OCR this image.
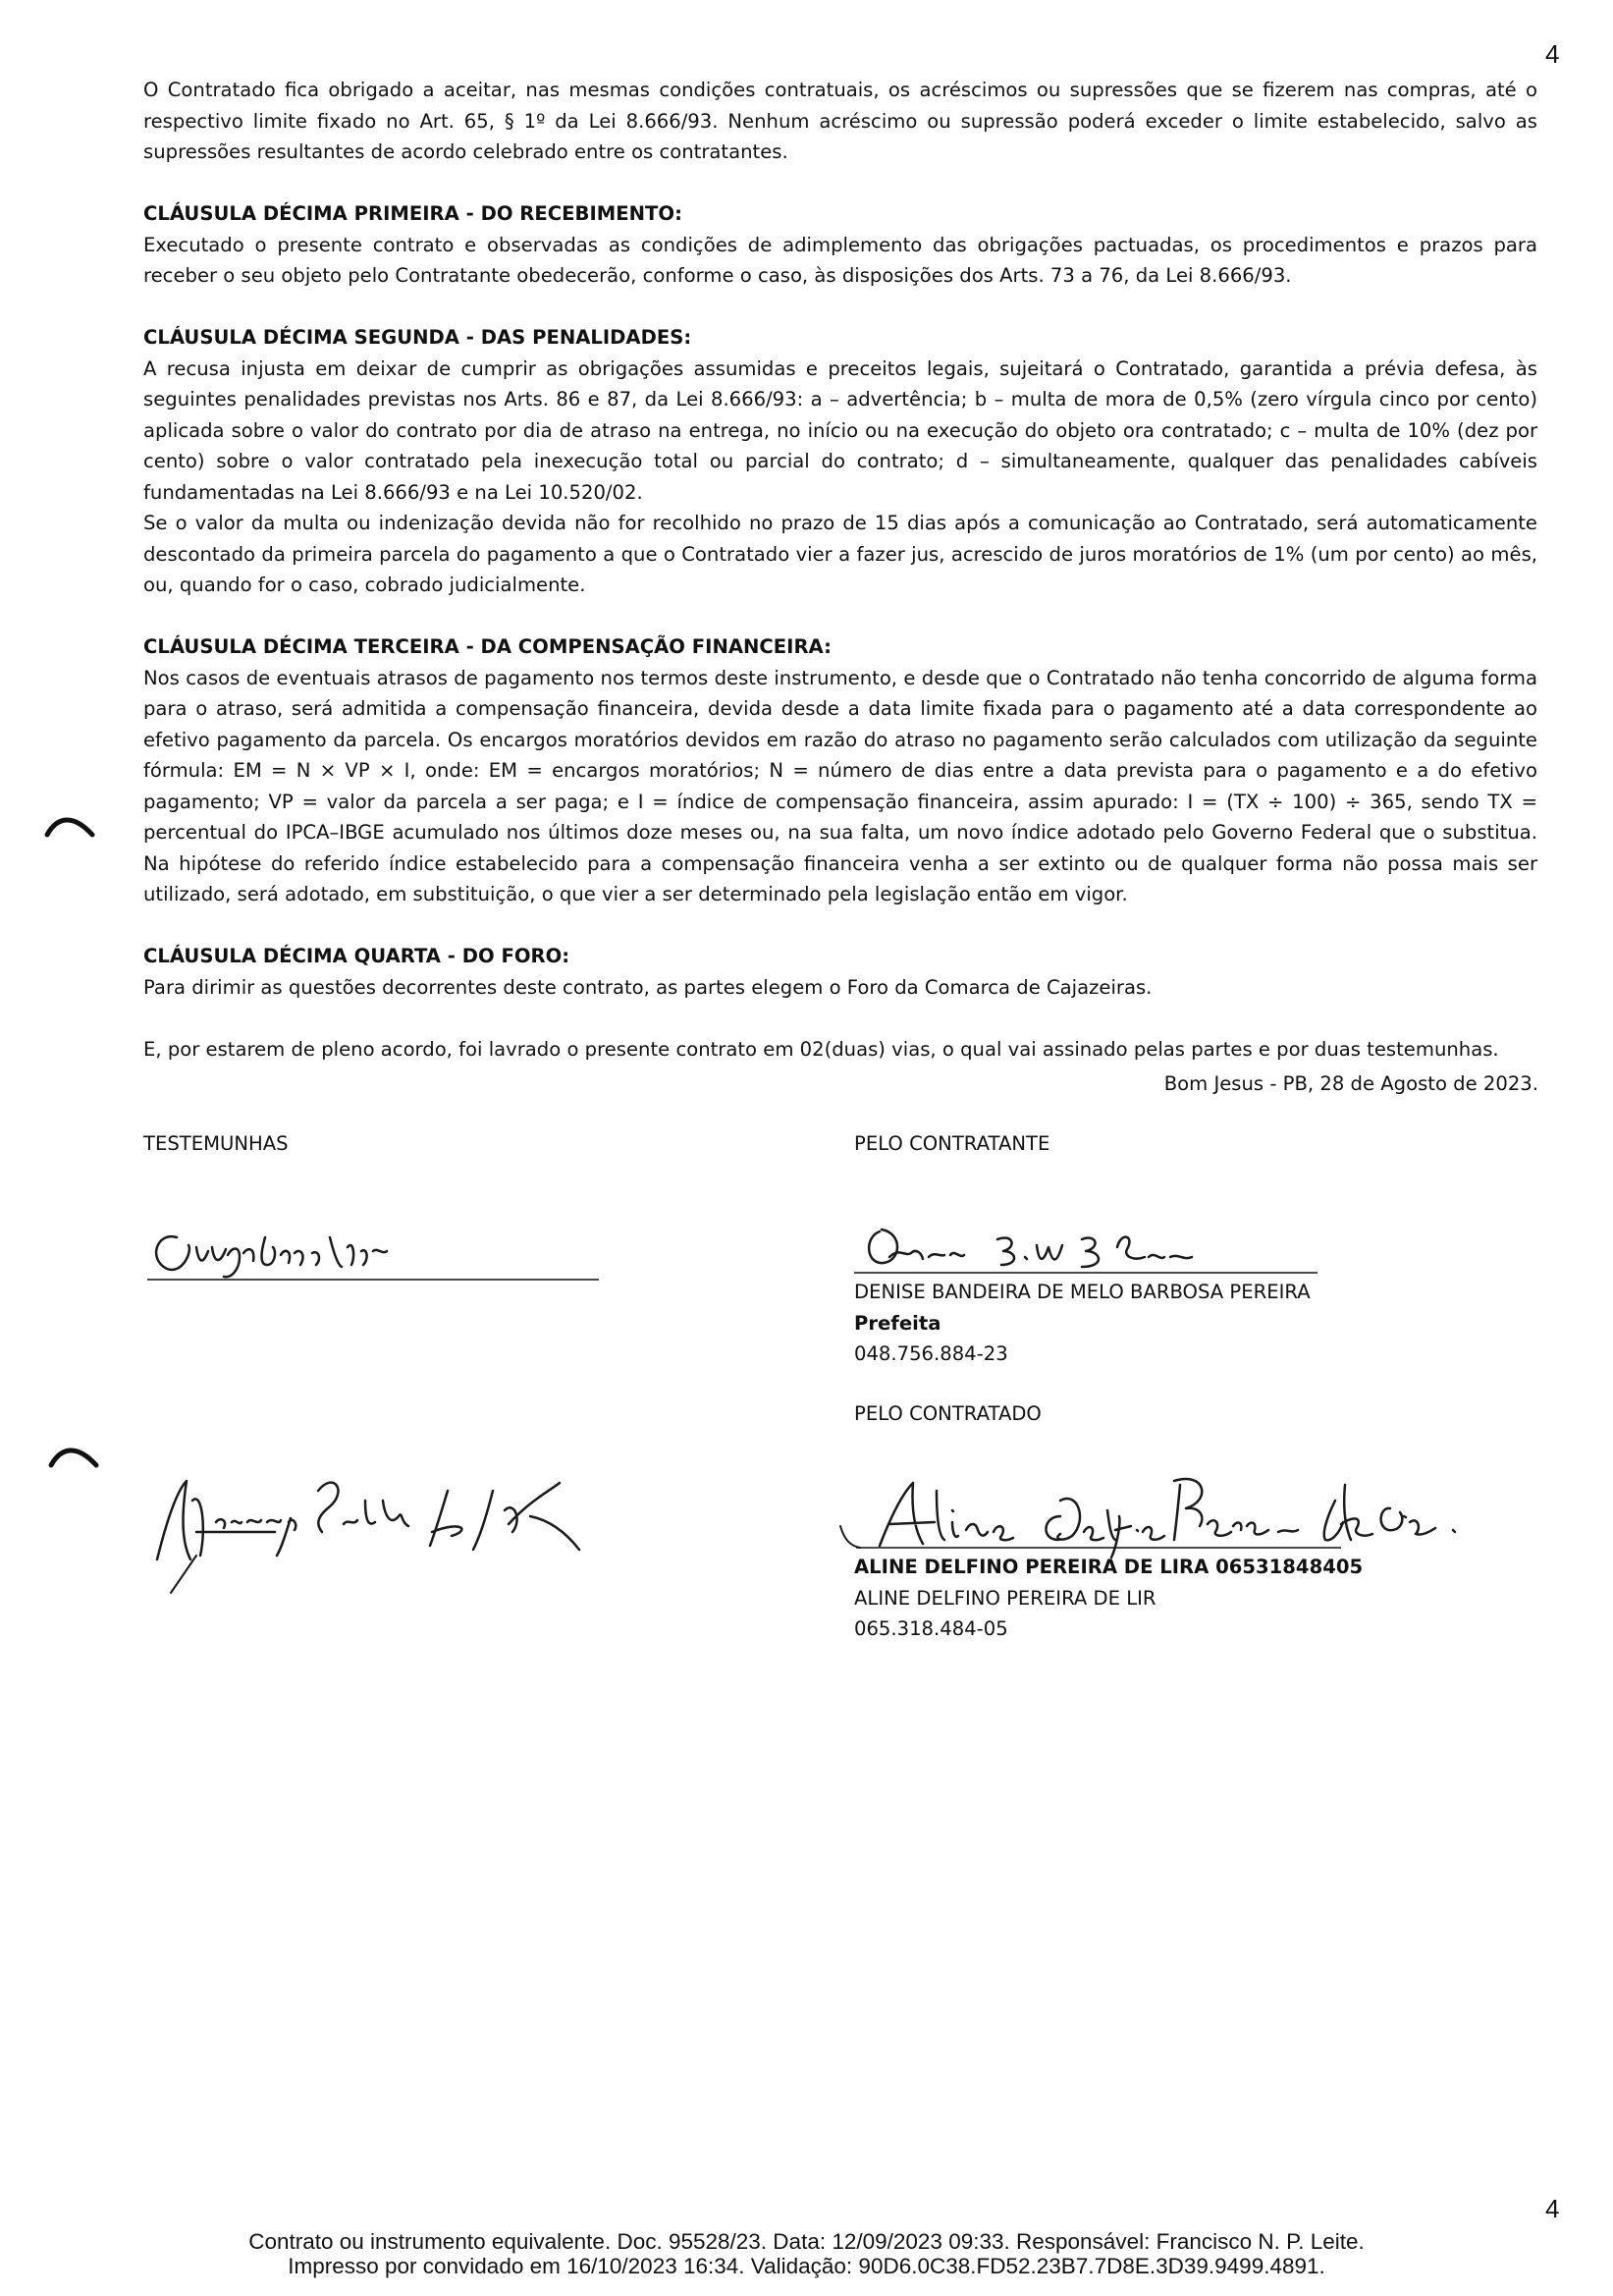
4

O Contratado fica obrigado a aceitar, nas mesmas condições contratuais, os acréscimos ou supressões que se fizerem nas compras, até o respectivo limite fixado no Art. 65, § 1º da Lei 8.666/93. Nenhum acréscimo ou supressão poderá exceder o limite estabelecido, salvo as supressões resultantes de acordo celebrado entre os contratantes.

CLÁUSULA DÉCIMA PRIMEIRA - DO RECEBIMENTO:

Executado o presente contrato e observadas as condições de adimplemento das obrigações pactuadas, os procedimentos e prazos para receber o seu objeto pelo Contratante obedecerão, conforme o caso, às disposições dos Arts. 73 a 76, da Lei 8.666/93.

CLÁUSULA DÉCIMA SEGUNDA - DAS PENALIDADES:

A recusa injusta em deixar de cumprir as obrigações assumidas e preceitos legais, sujeitará o Contratado, garantida a prévia defesa, às seguintes penalidades previstas nos Arts. 86 e 87, da Lei 8.666/93: a – advertência; b – multa de mora de 0,5% (zero vírgula cinco por cento) aplicada sobre o valor do contrato por dia de atraso na entrega, no início ou na execução do objeto ora contratado; c – multa de 10% (dez por cento) sobre o valor contratado pela inexecução total ou parcial do contrato; d – simultaneamente, qualquer das penalidades cabíveis fundamentadas na Lei 8.666/93 e na Lei 10.520/02.

Se o valor da multa ou indenização devida não for recolhido no prazo de 15 dias após a comunicação ao Contratado, será automaticamente descontado da primeira parcela do pagamento a que o Contratado vier a fazer jus, acrescido de juros moratórios de 1% (um por cento) ao mês, ou, quando for o caso, cobrado judicialmente.

CLÁUSULA DÉCIMA TERCEIRA - DA COMPENSAÇÃO FINANCEIRA:

Nos casos de eventuais atrasos de pagamento nos termos deste instrumento, e desde que o Contratado não tenha concorrido de alguma forma para o atraso, será admitida a compensação financeira, devida desde a data limite fixada para o pagamento até a data correspondente ao efetivo pagamento da parcela. Os encargos moratórios devidos em razão do atraso no pagamento serão calculados com utilização da seguinte fórmula: EM = N × VP × I, onde: EM = encargos moratórios; N = número de dias entre a data prevista para o pagamento e a do efetivo pagamento; VP = valor da parcela a ser paga; e I = índice de compensação financeira, assim apurado: I = (TX ÷ 100) ÷ 365, sendo TX = percentual do IPCA–IBGE acumulado nos últimos doze meses ou, na sua falta, um novo índice adotado pelo Governo Federal que o substitua. Na hipótese do referido índice estabelecido para a compensação financeira venha a ser extinto ou de qualquer forma não possa mais ser utilizado, será adotado, em substituição, o que vier a ser determinado pela legislação então em vigor.

CLÁUSULA DÉCIMA QUARTA - DO FORO:

Para dirimir as questões decorrentes deste contrato, as partes elegem o Foro da Comarca de Cajazeiras.

E, por estarem de pleno acordo, foi lavrado o presente contrato em 02(duas) vias, o qual vai assinado pelas partes e por duas testemunhas.

Bom Jesus - PB, 28 de Agosto de 2023.
TESTEMUNHAS	PELO CONTRATANTE
DENISE BANDEIRA DE MELO BARBOSA PEREIRA
Prefeita
048.756.884-23
PELO CONTRATADO
ALINE DELFINO PEREIRA DE LIRA 06531848405
ALINE DELFINO PEREIRA DE LIR
065.318.484-05
4
Contrato ou instrumento equivalente. Doc. 95528/23. Data: 12/09/2023 09:33. Responsável: Francisco N. P. Leite.
Impresso por convidado em 16/10/2023 16:34. Validação: 90D6.0C38.FD52.23B7.7D8E.3D39.9499.4891.
